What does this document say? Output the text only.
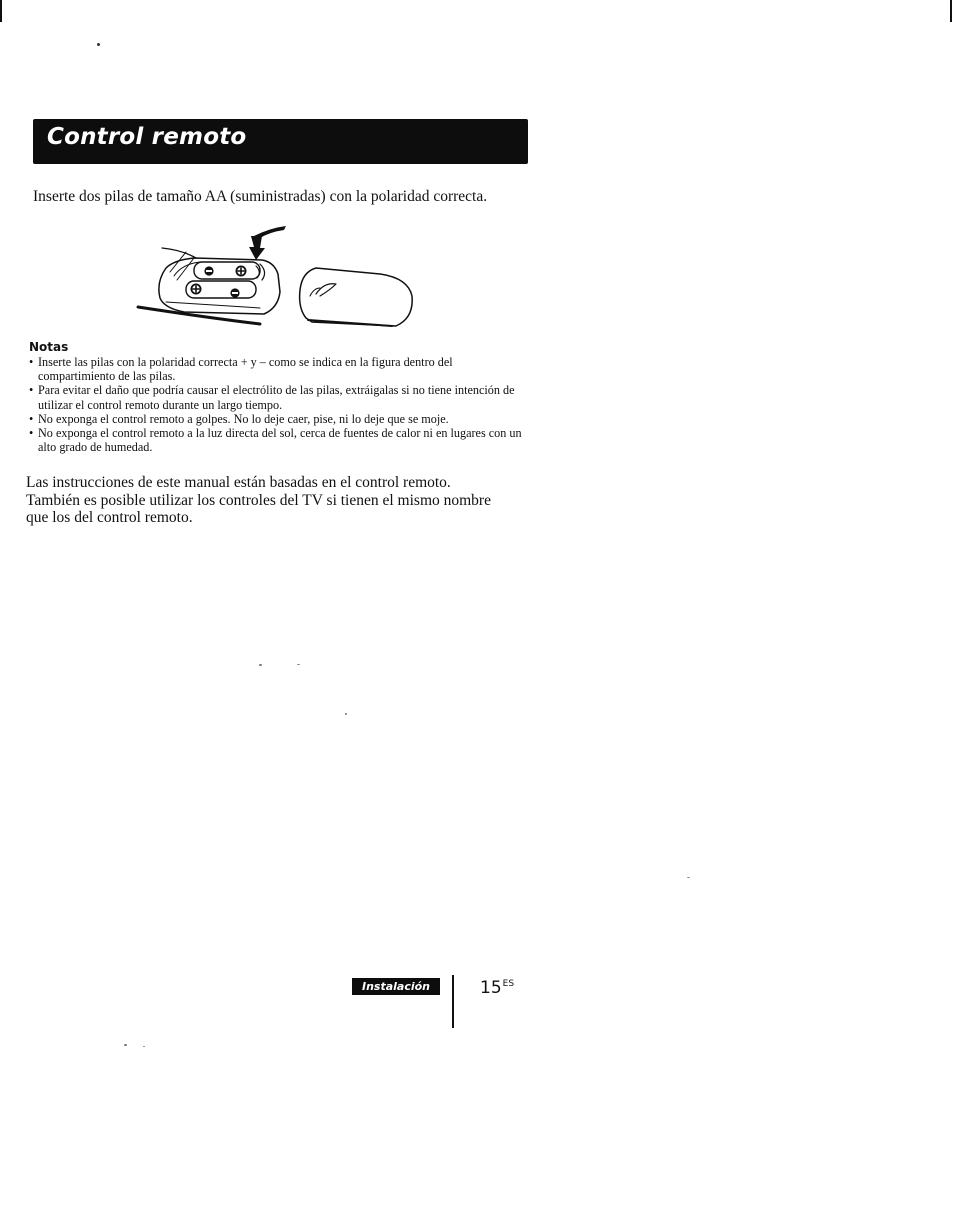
Control remoto

Inserte dos pilas de tamaño AA (suministradas) con la polaridad correcta.

Notas
• Inserte las pilas con la polaridad correcta + y – como se indica en la figura dentro del compartimiento de las pilas.
• Para evitar el daño que podría causar el electrólito de las pilas, extráigalas si no tiene intención de utilizar el control remoto durante un largo tiempo.
• No exponga el control remoto a golpes. No lo deje caer, pise, ni lo deje que se moje.
• No exponga el control remoto a la luz directa del sol, cerca de fuentes de calor ni en lugares con un alto grado de humedad.

Las instrucciones de este manual están basadas en el control remoto. También es posible utilizar los controles del TV si tienen el mismo nombre que los del control remoto.

Instalación	$15^{ES}$
